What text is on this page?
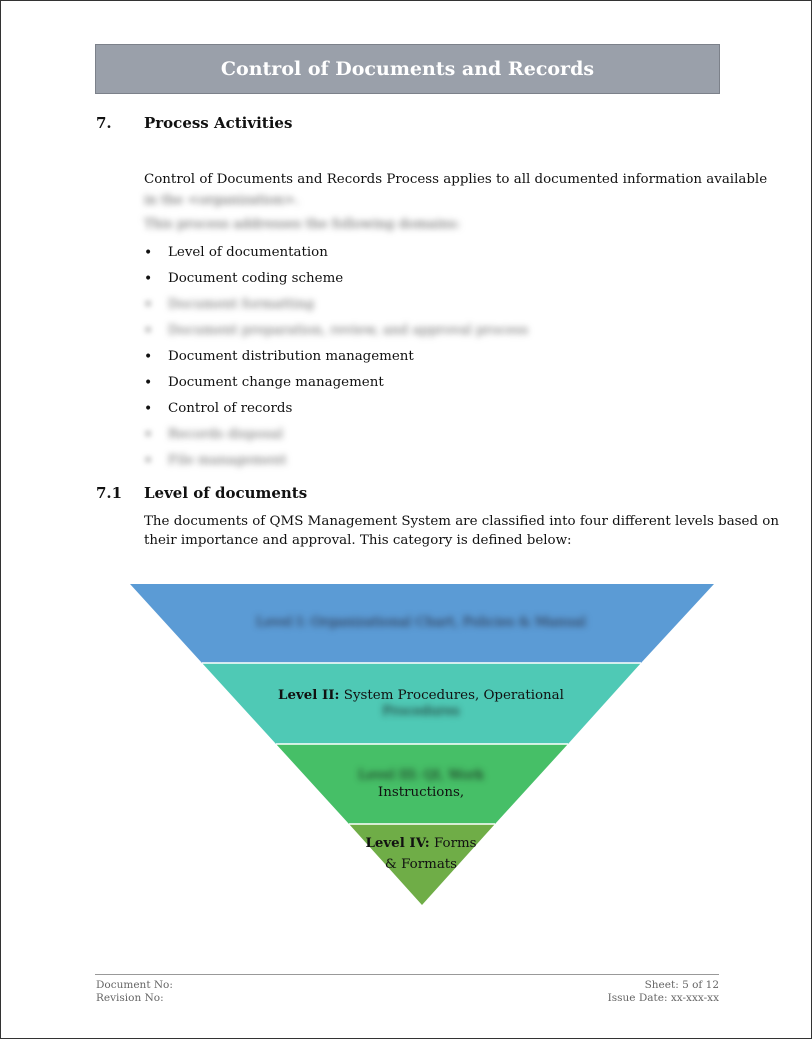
Control of Documents and Records
7. Process Activities
Control of Documents and Records Process applies to all documented information available
in the <organization>.
This process addresses the following domains:
• Level of documentation
• Document coding scheme
• Document formatting
• Document preparation, review, and approval process
• Document distribution management
• Document change management
• Control of records
• Records disposal
• File management
7.1 Level of documents
The documents of QMS Management System are classified into four different levels based on
their importance and approval. This category is defined below:
Level I: Organizational Chart, Policies & Manual
Level II: System Procedures, Operational
Procedures
Level III: QI, Work
Instructions,
Level IV: Forms
& Formats
Document No:
Revision No:
Sheet: 5 of 12
Issue Date: xx-xxx-xx
